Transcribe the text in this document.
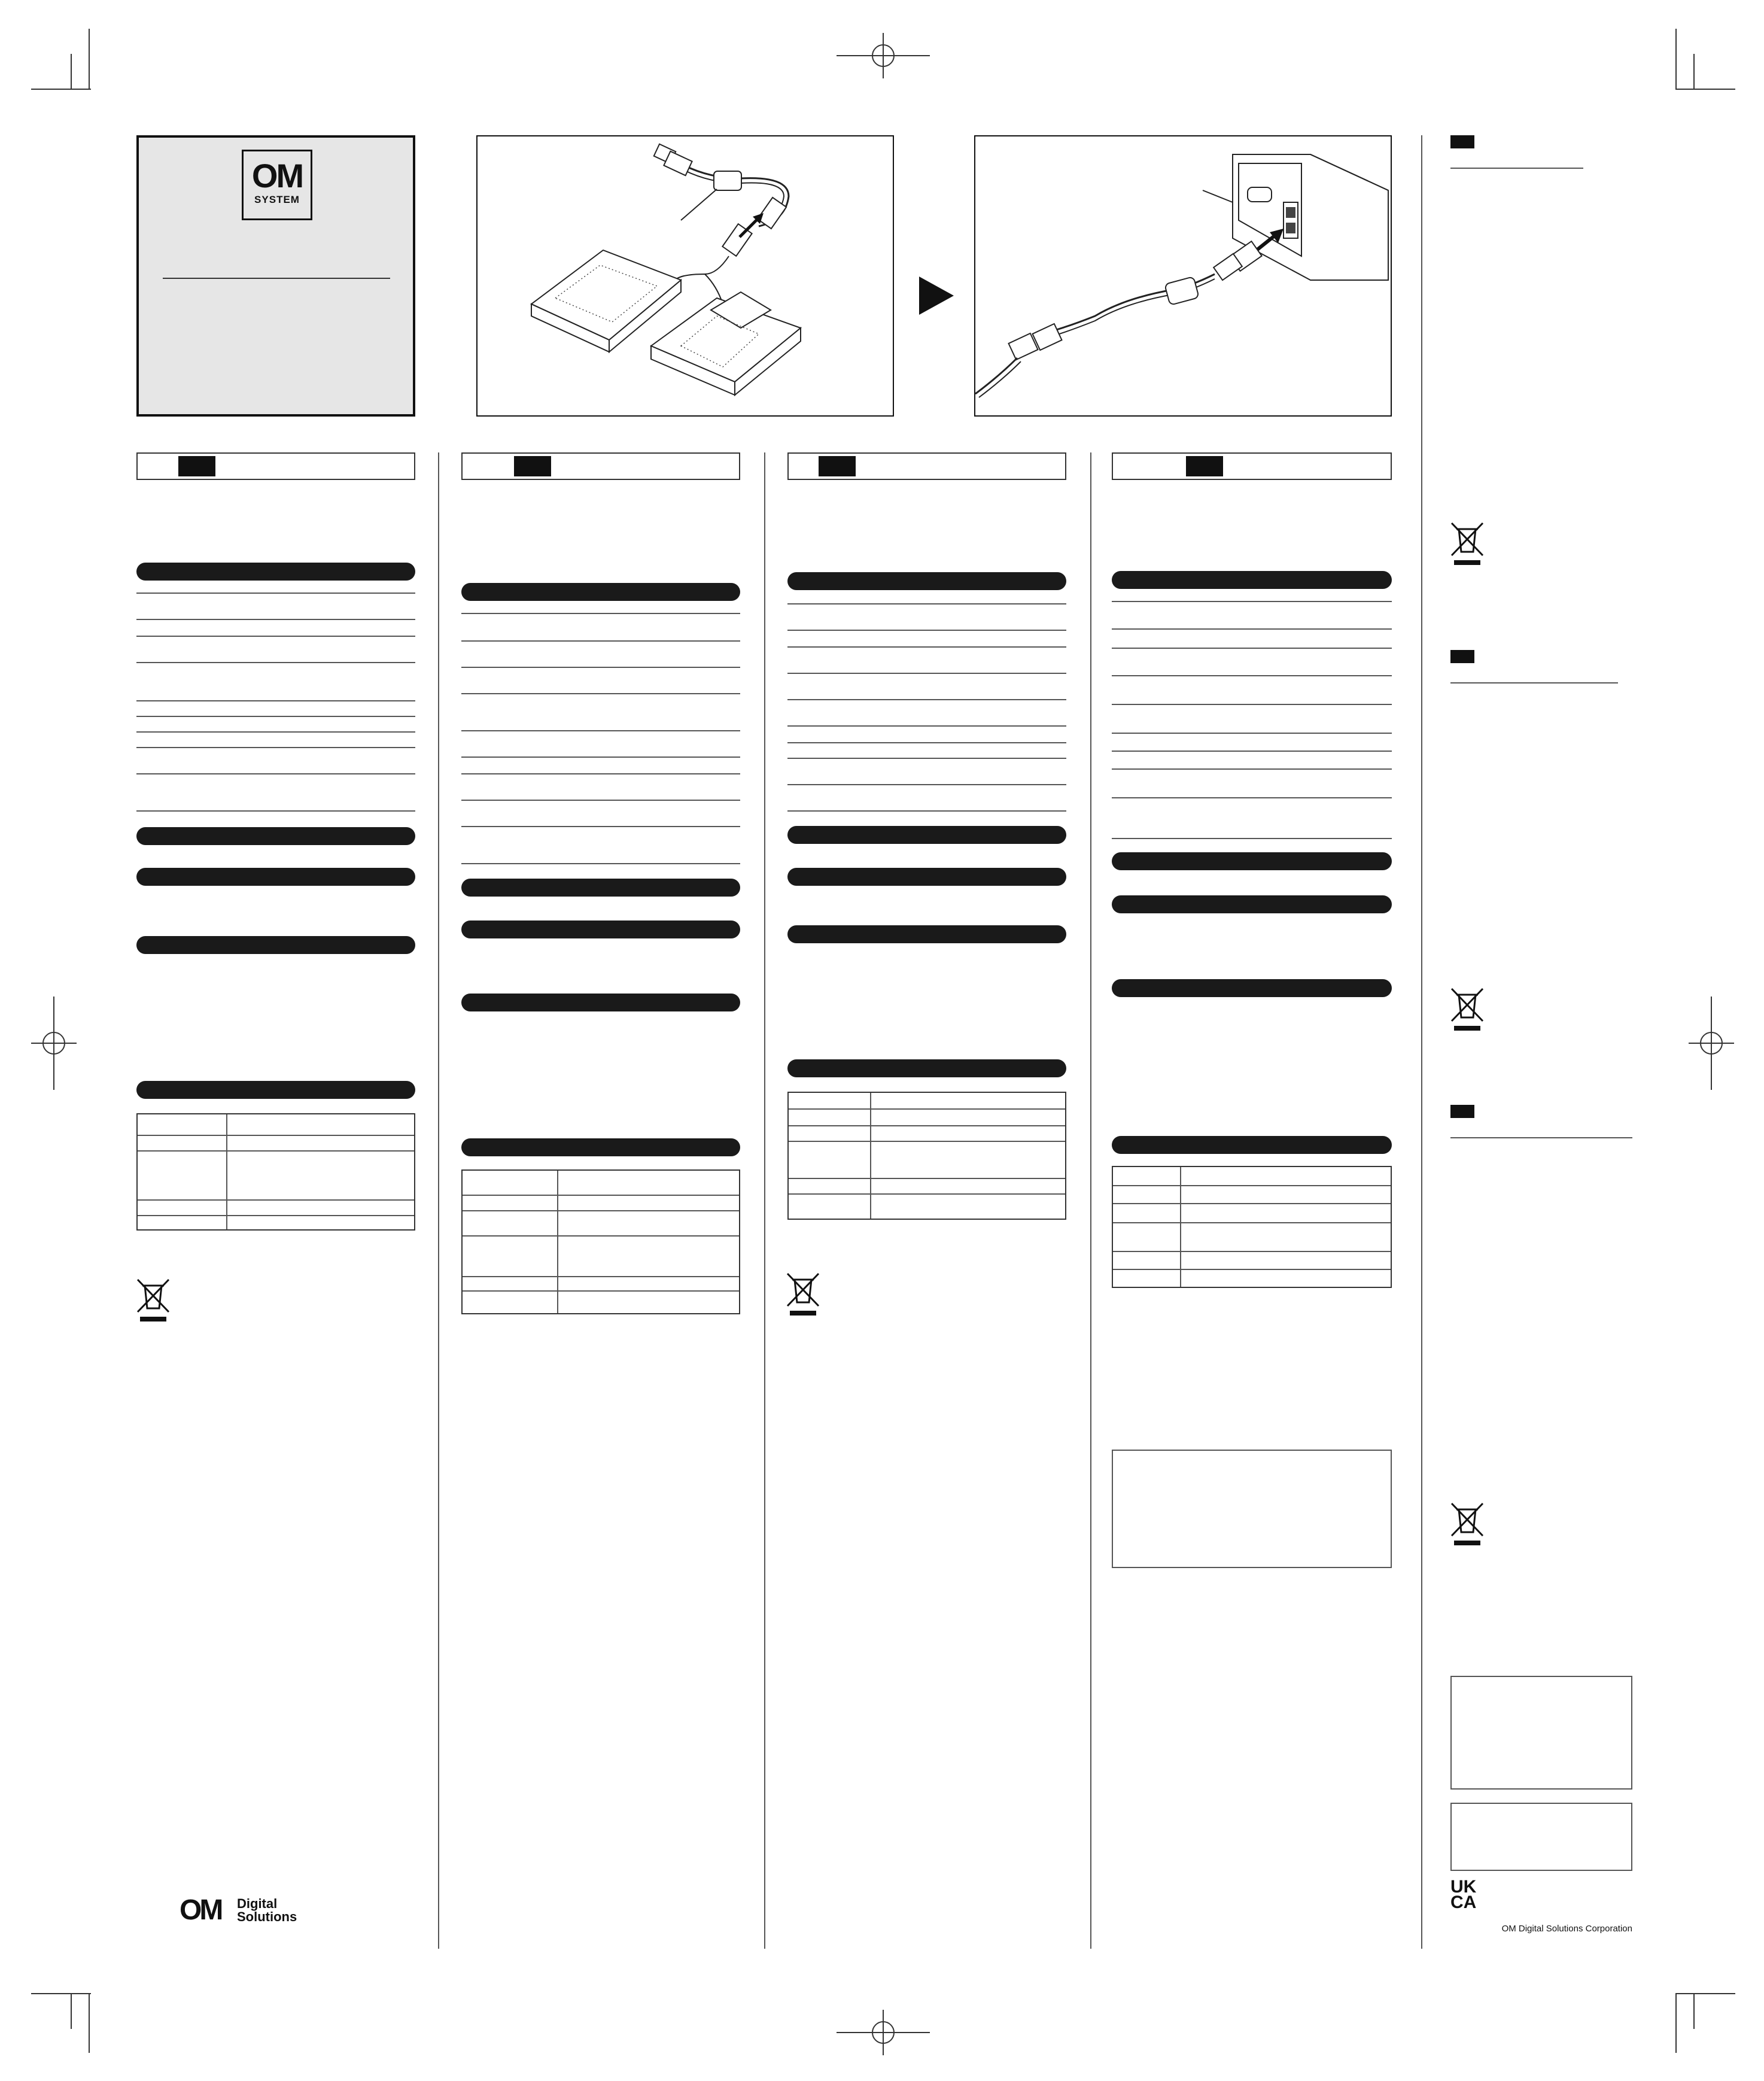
OM
SYSTEM
OM Digital
Solutions
UK
CA
OM Digital Solutions Corporation
